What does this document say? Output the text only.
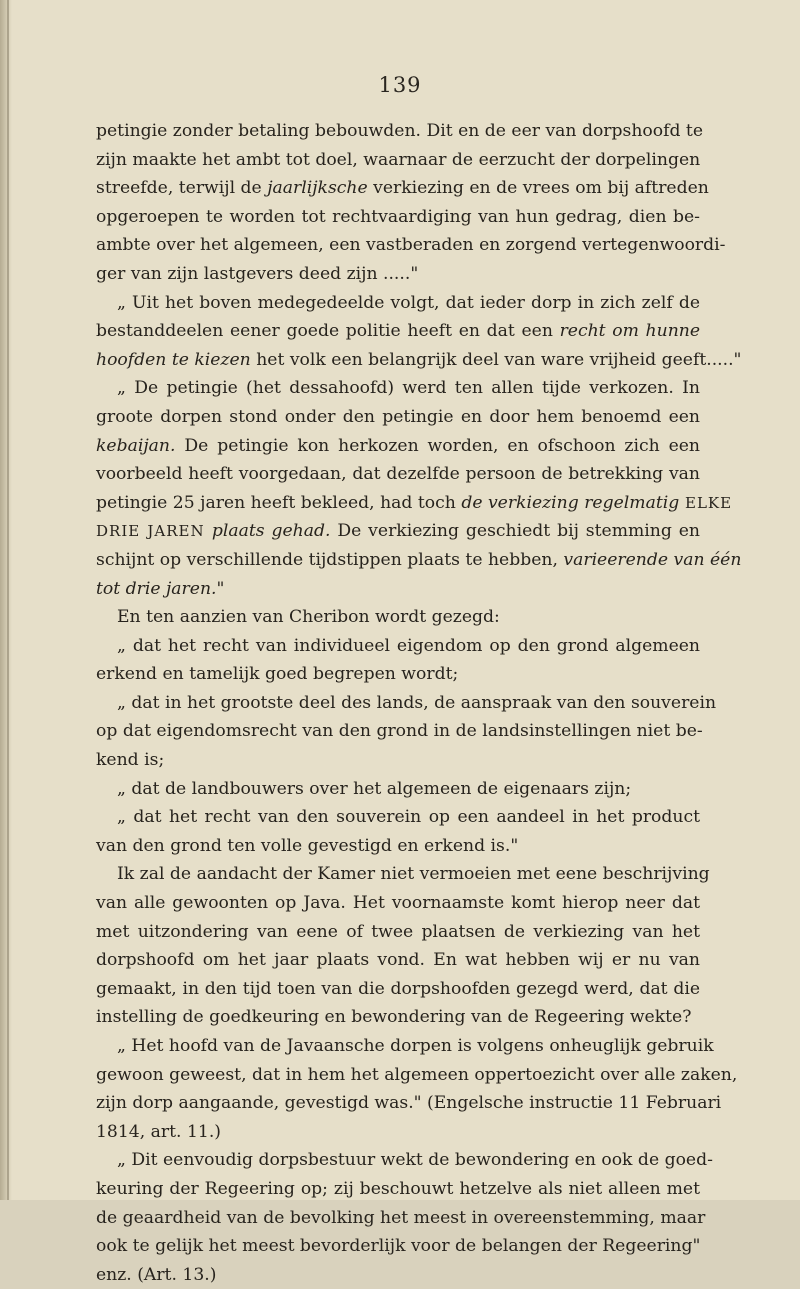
139
petingie zonder betaling bebouwden. Dit en de eer van dorpshoofd te
zijn maakte het ambt tot doel, waarnaar de eerzucht der dorpelingen
streefde, terwijl de jaarlijksche verkiezing en de vrees om bij aftreden
opgeroepen te worden tot rechtvaardiging van hun gedrag, dien be-
ambte over het algemeen, een vastberaden en zorgend vertegenwoordi-
ger van zijn lastgevers deed zijn ....."
„ Uit het boven medegedeelde volgt, dat ieder dorp in zich zelf de
bestanddeelen eener goede politie heeft en dat een recht om hunne
hoofden te kiezen het volk een belangrijk deel van ware vrijheid geeft....."
„ De petingie (het dessahoofd) werd ten allen tijde verkozen. In
groote dorpen stond onder den petingie en door hem benoemd een
kebaijan. De petingie kon herkozen worden, en ofschoon zich een
voorbeeld heeft voorgedaan, dat dezelfde persoon de betrekking van
petingie 25 jaren heeft bekleed, had toch de verkiezing regelmatig ELKE
DRIE JAREN plaats gehad. De verkiezing geschiedt bij stemming en
schijnt op verschillende tijdstippen plaats te hebben, varieerende van één
tot drie jaren."
En ten aanzien van Cheribon wordt gezegd:
„ dat het recht van individueel eigendom op den grond algemeen
erkend en tamelijk goed begrepen wordt;
„ dat in het grootste deel des lands, de aanspraak van den souverein
op dat eigendomsrecht van den grond in de landsinstellingen niet be-
kend is;
„ dat de landbouwers over het algemeen de eigenaars zijn;
„ dat het recht van den souverein op een aandeel in het product
van den grond ten volle gevestigd en erkend is."
Ik zal de aandacht der Kamer niet vermoeien met eene beschrijving
van alle gewoonten op Java. Het voornaamste komt hierop neer dat
met uitzondering van eene of twee plaatsen de verkiezing van het
dorpshoofd om het jaar plaats vond. En wat hebben wij er nu van
gemaakt, in den tijd toen van die dorpshoofden gezegd werd, dat die
instelling de goedkeuring en bewondering van de Regeering wekte?
„ Het hoofd van de Javaansche dorpen is volgens onheuglijk gebruik
gewoon geweest, dat in hem het algemeen oppertoezicht over alle zaken,
zijn dorp aangaande, gevestigd was." (Engelsche instructie 11 Februari
1814, art. 11.)
„ Dit eenvoudig dorpsbestuur wekt de bewondering en ook de goed-
keuring der Regeering op; zij beschouwt hetzelve als niet alleen met
de geaardheid van de bevolking het meest in overeenstemming, maar
ook te gelijk het meest bevorderlijk voor de belangen der Regeering"
enz. (Art. 13.)
